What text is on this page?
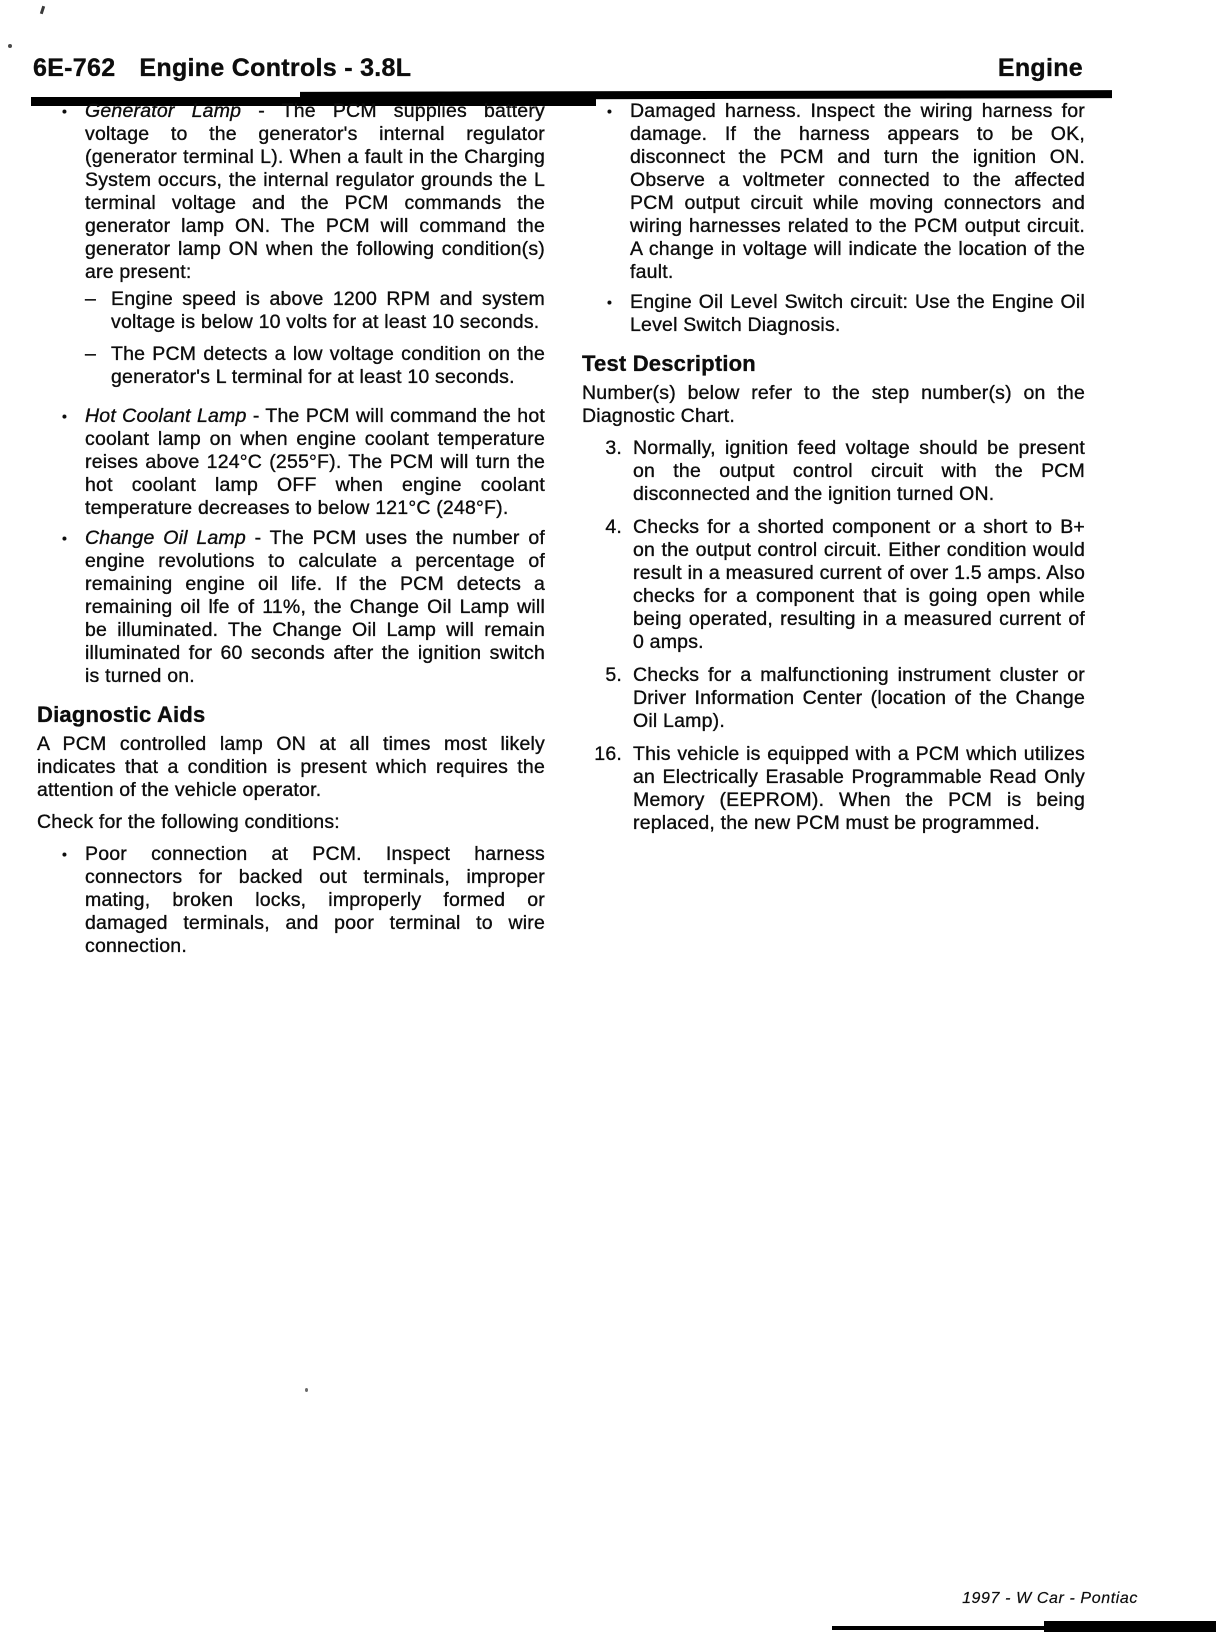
6E-762 Engine Controls - 3.8L	Engine
• Generator Lamp - The PCM supplies battery voltage to the generator's internal regulator (generator terminal L). When a fault in the Charging System occurs, the internal regulator grounds the L terminal voltage and the PCM commands the generator lamp ON. The PCM will command the generator lamp ON when the following condition(s) are present:
– Engine speed is above 1200 RPM and system voltage is below 10 volts for at least 10 seconds.
– The PCM detects a low voltage condition on the generator's L terminal for at least 10 seconds.
• Hot Coolant Lamp - The PCM will command the hot coolant lamp on when engine coolant temperature reises above 124°C (255°F). The PCM will turn the hot coolant lamp OFF when engine coolant temperature decreases to below 121°C (248°F).
• Change Oil Lamp - The PCM uses the number of engine revolutions to calculate a percentage of remaining engine oil life. If the PCM detects a remaining oil lfe of 11%, the Change Oil Lamp will be illuminated. The Change Oil Lamp will remain illuminated for 60 seconds after the ignition switch is turned on.
Diagnostic Aids

A PCM controlled lamp ON at all times most likely indicates that a condition is present which requires the attention of the vehicle operator.

Check for the following conditions:

• Poor connection at PCM. Inspect harness connectors for backed out terminals, improper mating, broken locks, improperly formed or damaged terminals, and poor terminal to wire connection.
• Damaged harness. Inspect the wiring harness for damage. If the harness appears to be OK, disconnect the PCM and turn the ignition ON. Observe a voltmeter connected to the affected PCM output circuit while moving connectors and wiring harnesses related to the PCM output circuit. A change in voltage will indicate the location of the fault.
• Engine Oil Level Switch circuit: Use the Engine Oil Level Switch Diagnosis.
Test Description

Number(s) below refer to the step number(s) on the Diagnostic Chart.

3. Normally, ignition feed voltage should be present on the output control circuit with the PCM disconnected and the ignition turned ON.
4. Checks for a shorted component or a short to B+ on the output control circuit. Either condition would result in a measured current of over 1.5 amps. Also checks for a component that is going open while being operated, resulting in a measured current of 0 amps.
5. Checks for a malfunctioning instrument cluster or Driver Information Center (location of the Change Oil Lamp).
16. This vehicle is equipped with a PCM which utilizes an Electrically Erasable Programmable Read Only Memory (EEPROM). When the PCM is being replaced, the new PCM must be programmed.
1997 - W Car - Pontiac
